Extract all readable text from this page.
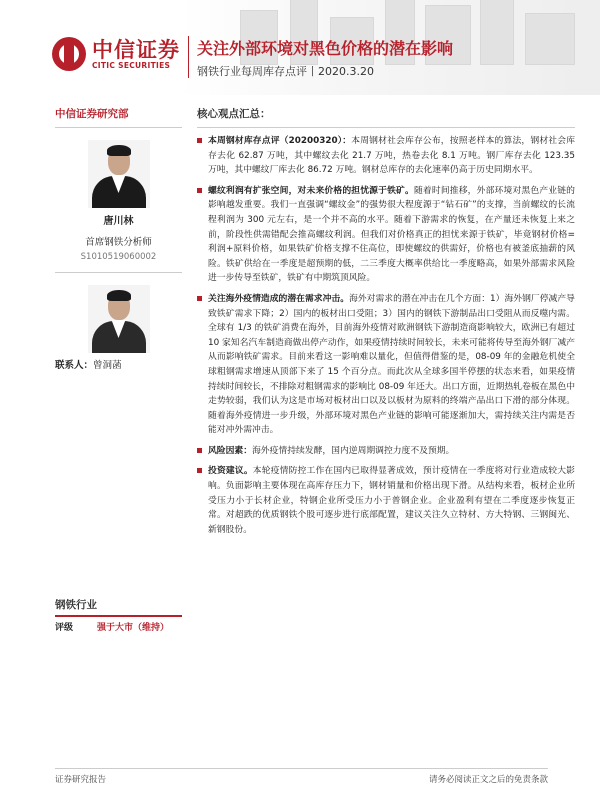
中信证券
CITIC SECURITIES
关注外部环境对黑色价格的潜在影响
钢铁行业每周库存点评丨2020.3.20
中信证券研究部
唐川林
首席钢铁分析师
S1010519060002
联系人：曾洞菡
钢铁行业
评级	强于大市（维持）
核心观点汇总：

本周钢材库存点评（20200320）：本周钢材社会库存公布，按照老样本的算法，钢材社会库存去化 62.87 万吨，其中螺纹去化 21.7 万吨，热卷去化 8.1 万吨。钢厂库存去化 123.35 万吨，其中螺纹厂库去化 86.72 万吨。钢材总库存的去化速率仍高于历史同期水平。

螺纹利润有扩张空间，对未来价格的担忧源于铁矿。随着时间推移，外部环境对黑色产业链的影响越发重要。我们一直强调“螺纹金”的强势很大程度源于“钻石矿”的支撑，当前螺纹的长流程利润为 300 元左右，是一个并不高的水平。随着下游需求的恢复，在产量还未恢复上来之前，阶段性供需错配会推高螺纹利润。但我们对价格真正的担忧来源于铁矿，毕竟钢材价格=利润+原料价格，如果铁矿价格支撑不住高位，即使螺纹的供需好，价格也有被釜底抽薪的风险。铁矿供给在一季度是超预期的低，二三季度大概率供给比一季度略高，如果外部需求风险进一步传导至铁矿，铁矿有中期筑顶风险。

关注海外疫情造成的潜在需求冲击。海外对需求的潜在冲击在几个方面：1）海外钢厂停减产导致铁矿需求下降；2）国内的板材出口受阻；3）国内的钢铁下游制品出口受阻从而反噬内需。全球有 1/3 的铁矿消费在海外，目前海外疫情对欧洲钢铁下游制造商影响较大，欧洲已有超过 10 家知名汽车制造商做出停产动作，如果疫情持续时间较长，未来可能将传导至海外钢厂减产从而影响铁矿需求。目前来看这一影响难以量化，但值得借鉴的是，08-09 年的金融危机使全球粗钢需求增速从顶部下来了 15 个百分点。而此次从全球多国半停摆的状态来看，如果疫情持续时间较长，不排除对粗钢需求的影响比 08-09 年还大。出口方面，近期热轧卷板在黑色中走势较弱，我们认为这是市场对板材出口以及以板材为原料的终端产品出口下滑的部分体现。随着海外疫情进一步升级，外部环境对黑色产业链的影响可能逐渐加大，需持续关注内需是否能对冲外需冲击。

风险因素：海外疫情持续发酵，国内逆周期调控力度不及预期。

投资建议。本轮疫情防控工作在国内已取得显著成效，预计疫情在一季度将对行业造成较大影响。负面影响主要体现在高库存压力下，钢材销量和价格出现下滑。从结构来看，板材企业所受压力小于长材企业，特钢企业所受压力小于普钢企业。企业盈利有望在二季度逐步恢复正常。对超跌的优质钢铁个股可逐步进行底部配置，建议关注久立特材、方大特钢、三钢闽光、新钢股份。

证券研究报告	请务必阅读正文之后的免责条款
